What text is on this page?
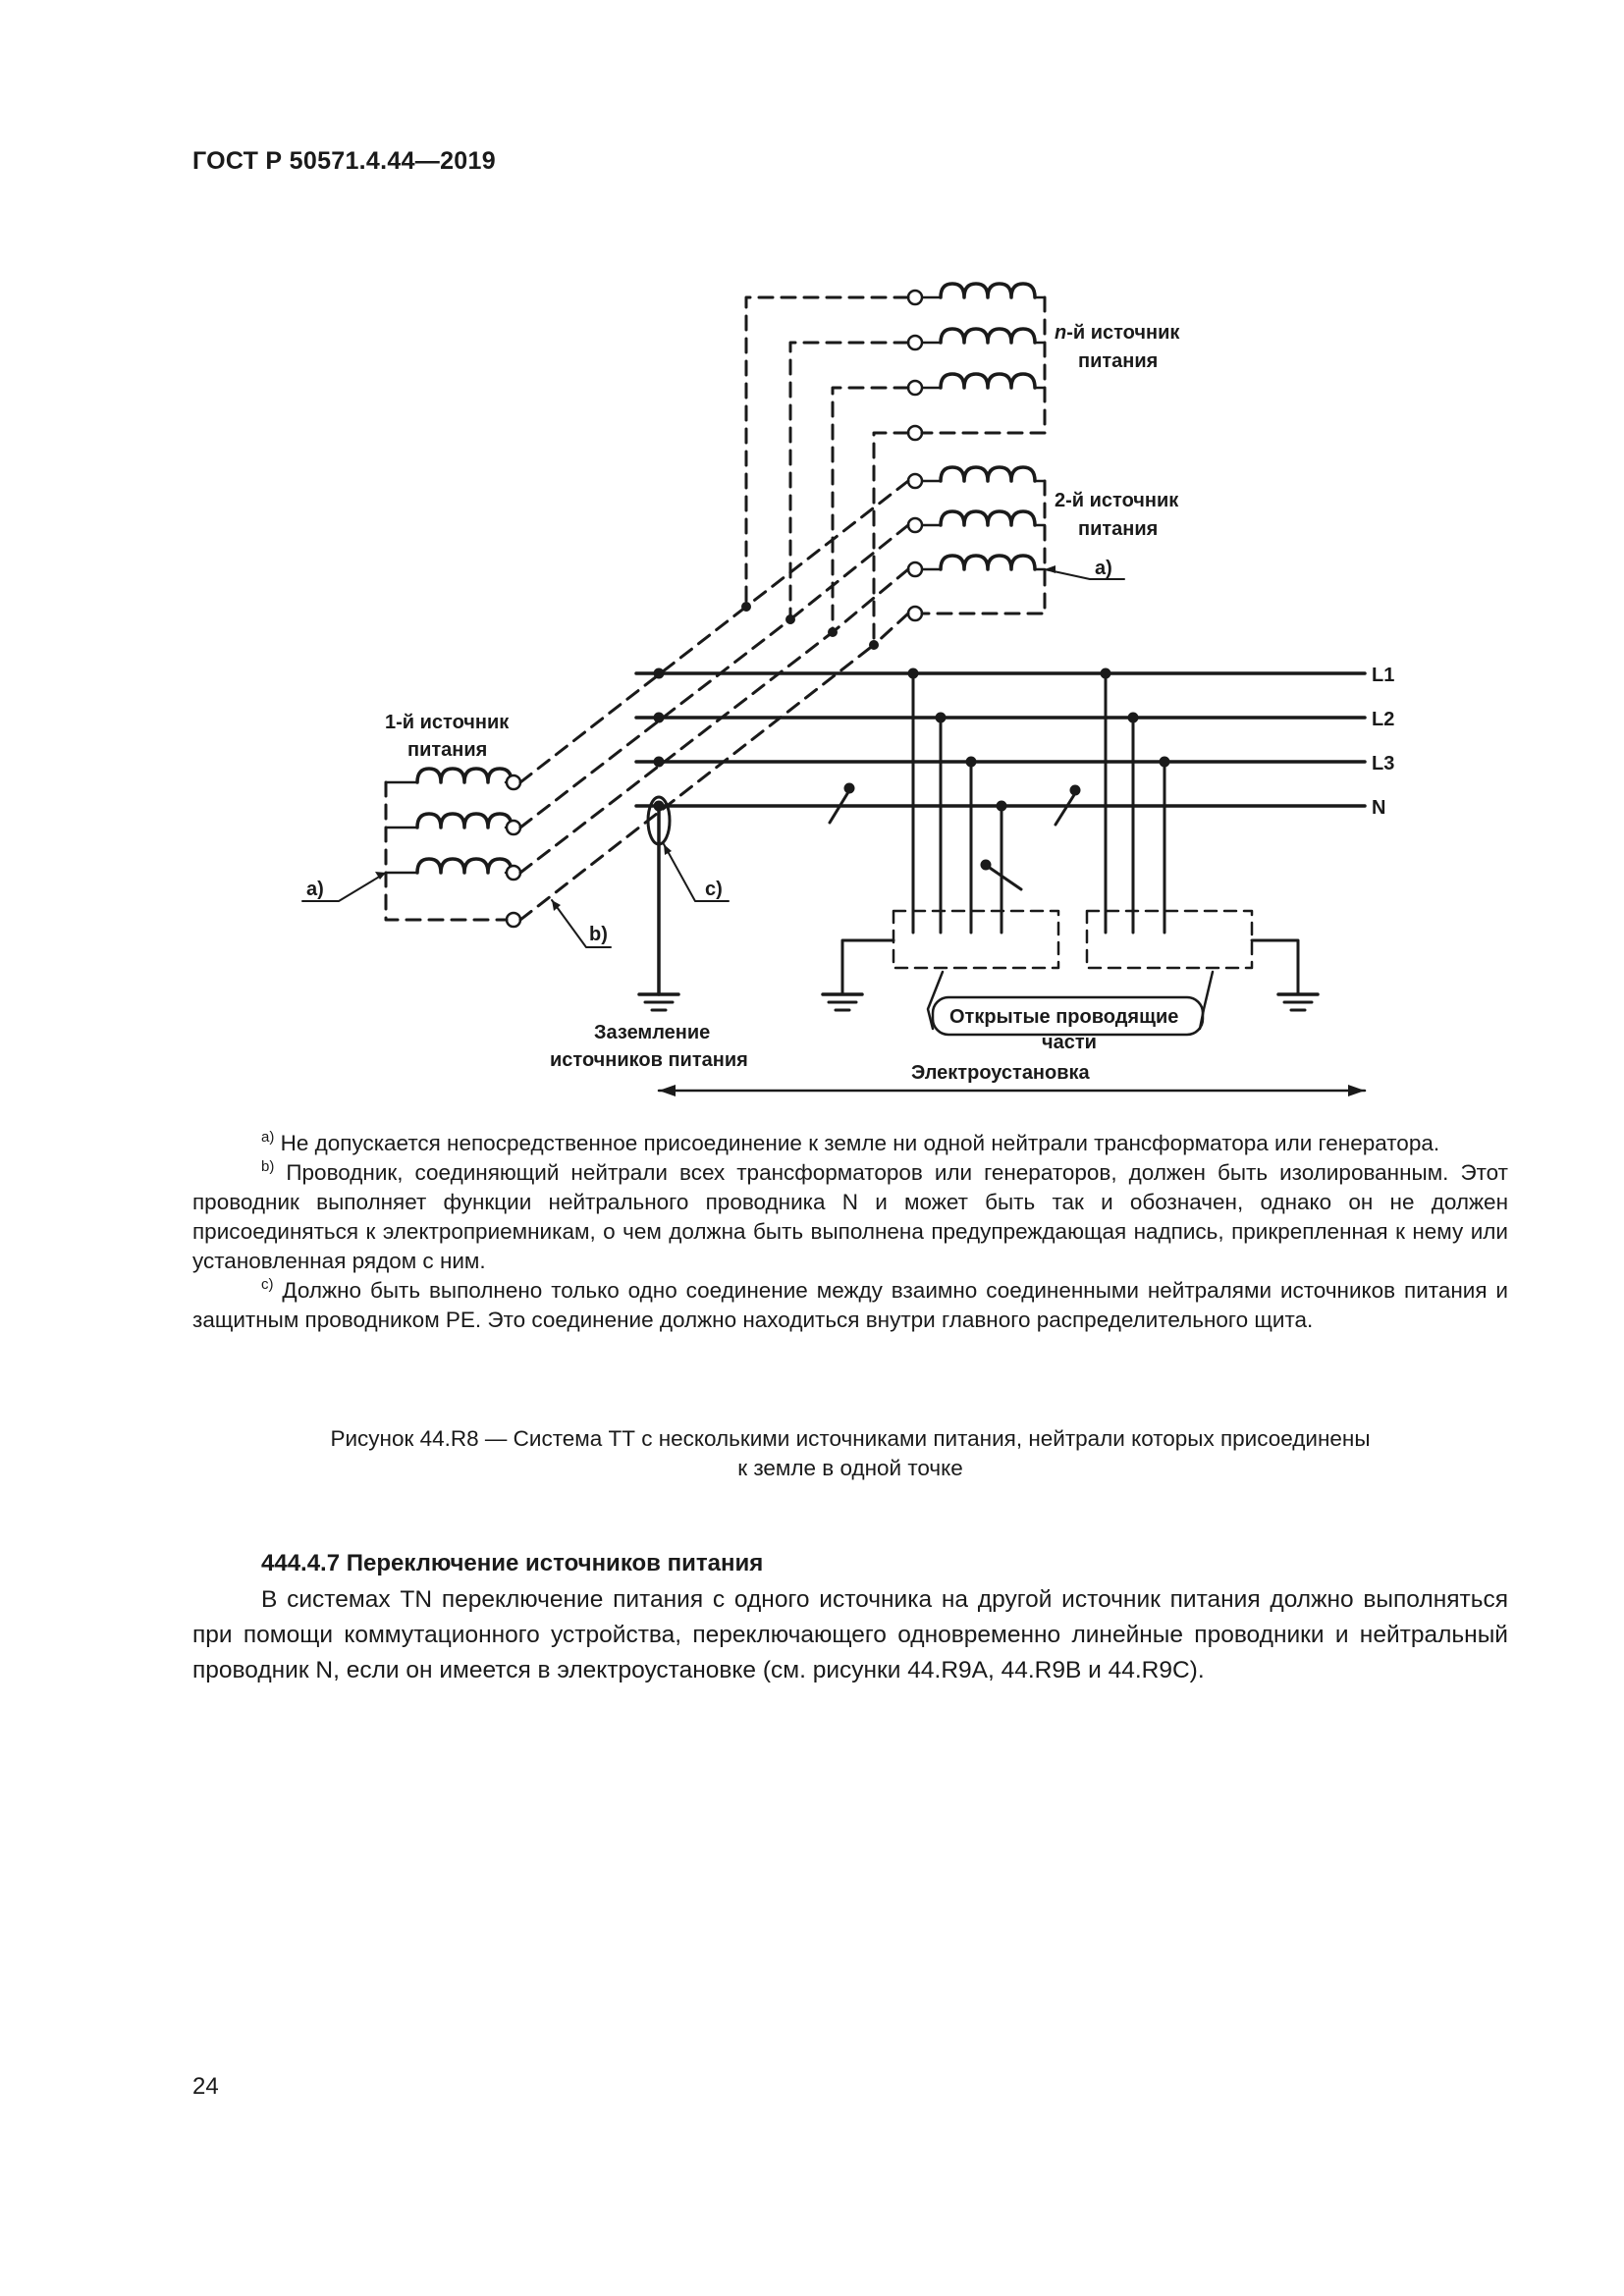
ГОСТ Р 50571.4.44—2019
n-й источник
питания
2-й источник
питания
a)
L1
L2
L3
N
1-й источник
питания
a)	c)
b)
Заземление
источников питания
Открытые проводящие
части
Электроустановка

$^{a)}$ Не допускается непосредственное присоединение к земле ни одной нейтрали трансформатора или генератора.

$^{b)}$ Проводник, соединяющий нейтрали всех трансформаторов или генераторов, должен быть изолированным. Этот проводник выполняет функции нейтрального проводника N и может быть так и обозначен, однако он не должен присоединяться к электроприемникам, о чем должна быть выполнена предупреждающая надпись, прикрепленная к нему или установленная рядом с ним.

$^{c)}$ Должно быть выполнено только одно соединение между взаимно соединенными нейтралями источников питания и защитным проводником PE. Это соединение должно находиться внутри главного распределительного щита.

Рисунок 44.R8 — Система ТТ с несколькими источниками питания, нейтрали которых присоединены

к земле в одной точке

444.4.7 Переключение источников питания

В системах TN переключение питания с одного источника на другой источник питания должно выполняться при помощи коммутационного устройства, переключающего одновременно линейные проводники и нейтральный проводник N, если он имеется в электроустановке (см. рисунки 44.R9A, 44.R9B и 44.R9C).

24
